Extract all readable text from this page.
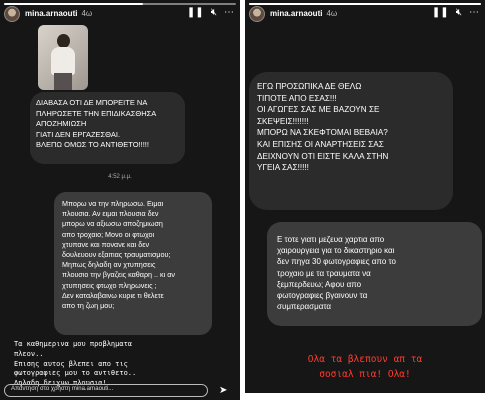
mina.arnaouti 4ω	❚❚ 🔇︎ ⋯
ΔΙΑΒΑΣΑ ΟΤΙ ΔΕ ΜΠΟΡΕΙΤΕ ΝΑ
ΠΛΗΡΩΣΕΤΕ ΤΗΝ ΕΠΙΔΙΚΑΣΘΗΣΑ
ΑΠΟΖΗΜΙΩΣΗ
ΓΙΑΤΙ ΔΕΝ ΕΡΓΑΖΕΣΘΑΙ.
ΒΛΕΠΩ ΟΜΩΣ ΤΟ ΑΝΤΙΘΕΤΟ!!!!!
4:52 μ.μ.
Μπορω να την πληρωσω. Ειμαι
πλουσια. Αν ειμαι πλουσια δεν
μπορω να αξιωσω αποζημιωση
απο τροχαιο; Μονο οι φτωχοι
χτυπανε και πονανε και δεν
δουλευουν εξαιτιας τραυματισμου;
Μηπως δηλαδη αν χτυπησεις
πλουσιο την βγαζεις καθαρη .. κι αν
χτυπησεις φτωχο πληρωνεις ;
Δεν καταλαβαινω κυριε τι θελετε
απο τη ζωη μου;
Τα καθημερινα μου προβληματα
πλεον..
Επισης αυτος βλεπει απο τις
φωτογραφιες μου το αντιθετο..
Δηλαδη δειχνω πλουσια!
Απάντηση στο χρήστη mina.arnaouti...	➤
mina.arnaouti 4ω	❚❚ 🔇︎ ⋯
ΕΓΩ ΠΡΟΣΩΠΙΚΑ ΔΕ ΘΕΛΩ
ΤΙΠΟΤΕ ΑΠΟ ΕΣΑΣ!!!
ΟΙ ΑΓΩΓΕΣ ΣΑΣ ΜΕ ΒΑΖΟΥΝ ΣΕ
ΣΚΕΨΕΙΣ!!!!!!!
ΜΠΟΡΩ ΝΑ ΣΚΕΦΤΟΜΑΙ ΒΕΒΑΙΑ?
ΚΑΙ ΕΠΙΣΗΣ ΟΙ ΑΝΑΡΤΗΣΕΙΣ ΣΑΣ
ΔΕΙΧΝΟΥΝ ΟΤΙ ΕΙΣΤΕ ΚΑΛΑ ΣΤΗΝ
ΥΓΕΙΑ ΣΑΣ!!!!!
Ε τοτε γιατι μεζευα χαρτια απο
χαιρουργεια για το δικαστηριο και
δεν πηγα 30 φωτογραφιες απο το
τροχαιο με τα τραυματα να
ξεμπερδευω; Αφου απο
φωτογραφιες βγαινουν τα
συμπερασματα
Ολα τα βλεπουν απ τα
σοσιαλ πια! Ολα!
